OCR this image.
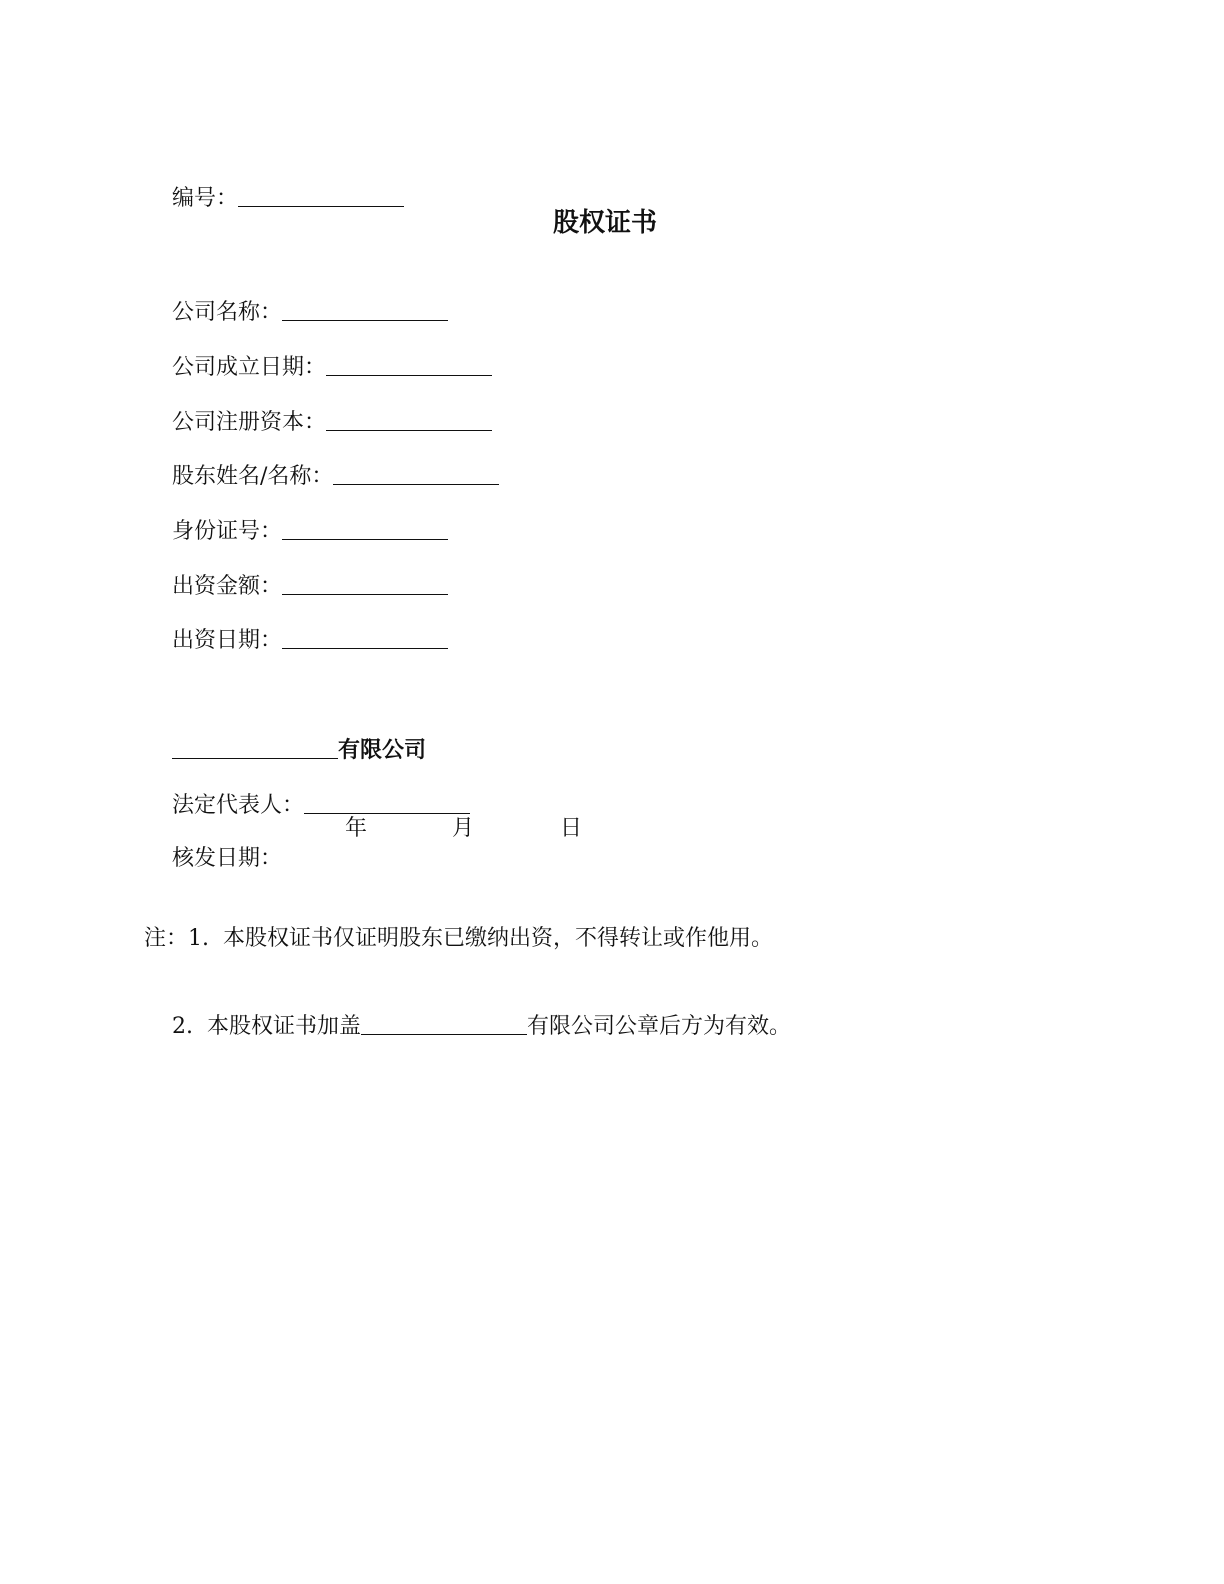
编号：

股权证书

公司名称：

公司成立日期：

公司注册资本：

股东姓名/名称：

身份证号：

出资金额：

出资日期：

有限公司

法定代表人：

核发日期：

年	月	日
注：1.  本股权证书仅证明股东已缴纳出资，不得转让或作他用。

2.  本股权证书加盖	有限公司公章后方为有效。
